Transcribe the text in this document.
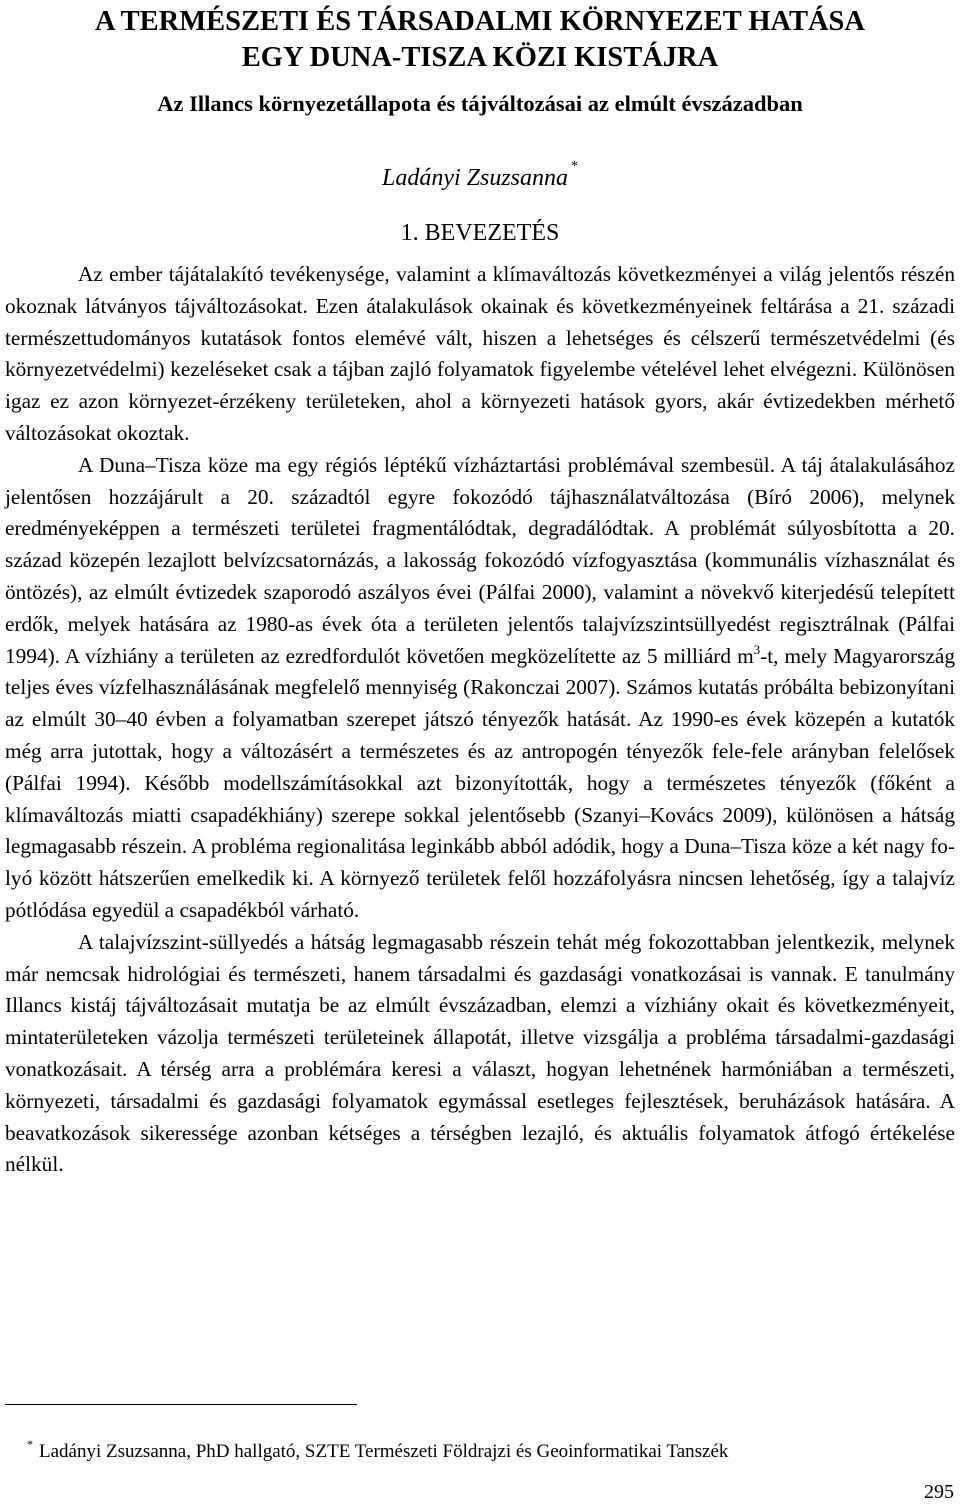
A TERMÉSZETI ÉS TÁRSADALMI KÖRNYEZET HATÁSA
EGY DUNA-TISZA KÖZI KISTÁJRA
Az Illancs környezetállapota és tájváltozásai az elmúlt évszázadban
Ladányi Zsuzsanna *
1. BEVEZETÉS

Az ember tájátalakító tevékenysége, valamint a klímaváltozás következményei a világ jelentős részén okoznak látványos tájváltozásokat. Ezen átalakulások okainak és következményeinek feltárása a 21. századi természettudományos kutatások fontos elemévé vált, hiszen a lehetséges és célszerű természetvédelmi (és környezetvédelmi) kezeléseket csak a tájban zajló folyamatok figyelembe vételével lehet elvégezni. Különösen igaz ez azon környezet-érzékeny területeken, ahol a környezeti hatások gyors, akár évtizedekben mérhető változásokat okoztak.

A Duna–Tisza köze ma egy régiós léptékű vízháztartási problémával szembesül. A táj átalakulásához jelentősen hozzájárult a 20. századtól egyre fokozódó tájhasználatváltozása (Bíró 2006), melynek eredményeképpen a természeti területei fragmentálódtak, degradálódtak. A problémát súlyosbította a 20. század közepén lezajlott belvízcsatornázás, a lakosság fokozódó vízfogyasztása (kommunális vízhasználat és öntözés), az elmúlt évtizedek szaporodó aszályos évei (Pálfai 2000), valamint a növekvő kiterjedésű telepített erdők, melyek hatására az 1980-as évek óta a területen jelentős talajvízszintsüllyedést regisztrálnak (Pálfai 1994). A vízhiány a területen az ezredfordulót követően megközelítette az 5 milliárd $m^3-t$, mely Magyarország teljes éves vízfelhasználásának megfelelő mennyiség (Rakonczai 2007). Számos kutatás próbálta bebizonyítani az elmúlt 30–40 évben a folyamatban szerepet játszó tényezők hatását. Az 1990-es évek közepén a kutatók még arra jutottak, hogy a változásért a természetes és az antropogén tényezők fele-fele arányban felelősek (Pálfai 1994). Később modellszámításokkal azt bizonyították, hogy a természetes tényezők (főként a klímaváltozás miatti csapadékhiány) szerepe sokkal jelentősebb (Szanyi–Kovács 2009), különösen a hátság legmagasabb részein. A probléma regionalitása leginkább abból adódik, hogy a Duna–Tisza köze a két nagy folyó között hátszerűen emelkedik ki. A környező területek felől hozzáfolyásra nincsen lehetőség, így a talajvíz pótlódása egyedül a csapadékból várható.

A talajvízszint-süllyedés a hátság legmagasabb részein tehát még fokozottabban jelentkezik, melynek már nemcsak hidrológiai és természeti, hanem társadalmi és gazdasági vonatkozásai is vannak. E tanulmány Illancs kistáj tájváltozásait mutatja be az elmúlt évszázadban, elemzi a vízhiány okait és következményeit, mintaterületeken vázolja természeti területeinek állapotát, illetve vizsgálja a probléma társadalmi-gazdasági vonatkozásait. A térség arra a problémára keresi a választ, hogyan lehetnének harmóniában a természeti, környezeti, társadalmi és gazdasági folyamatok egymással esetleges fejlesztések, beruházások hatására. A beavatkozások sikeressége azonban kétséges a térségben lezajló, és aktuális folyamatok átfogó értékelése nélkül.

* Ladányi Zsuzsanna, PhD hallgató, SZTE Természeti Földrajzi és Geoinformatikai Tanszék
295
